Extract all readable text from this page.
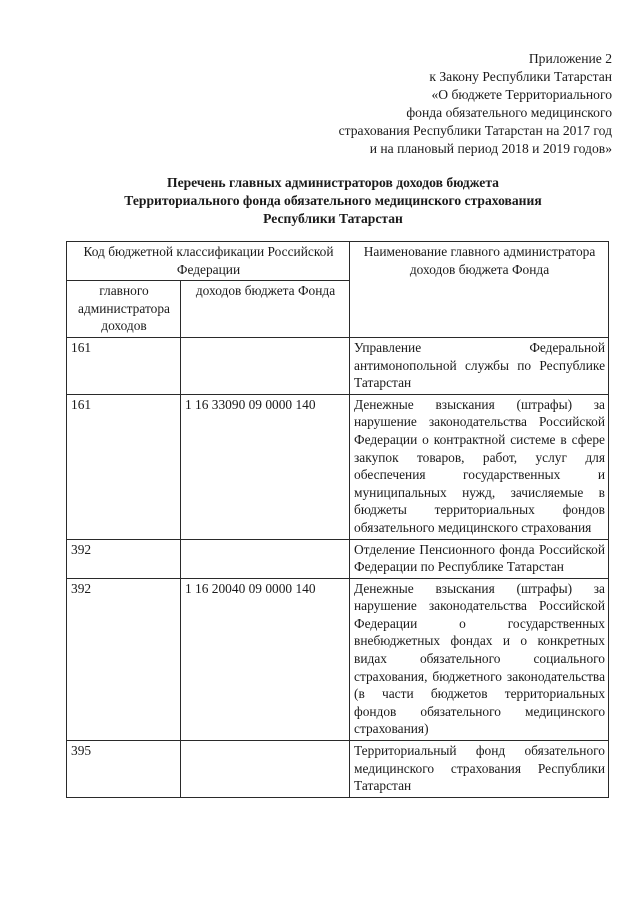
Приложение 2
к Закону Республики Татарстан
«О бюджете Территориального
фонда обязательного медицинского
страхования Республики Татарстан на 2017 год
и на плановый период 2018 и 2019 годов»
Перечень главных администраторов доходов бюджета
Территориального фонда обязательного медицинского страхования
Республики Татарстан
Код бюджетной классификации Российской Федерации		Наименование главного администратора доходов бюджета Фонда
главного администратора доходов	доходов бюджета Фонда	
161		Управление Федеральной антимонопольной службы по Республике Татарстан
161	1 16 33090 09 0000 140	Денежные взыскания (штрафы) за нарушение законодательства Российской Федерации о контрактной системе в сфере закупок товаров, работ, услуг для обеспечения государственных и муниципальных нужд, зачисляемые в бюджеты территориальных фондов обязательного медицинского страхования
392		Отделение Пенсионного фонда Российской Федерации по Республике Татарстан
392	1 16 20040 09 0000 140	Денежные взыскания (штрафы) за нарушение законодательства Российской Федерации о государственных внебюджетных фондах и о конкретных видах обязательного социального страхования, бюджетного законодательства (в части бюджетов территориальных фондов обязательного медицинского страхования)
395		Территориальный фонд обязательного медицинского страхования Республики Татарстан
